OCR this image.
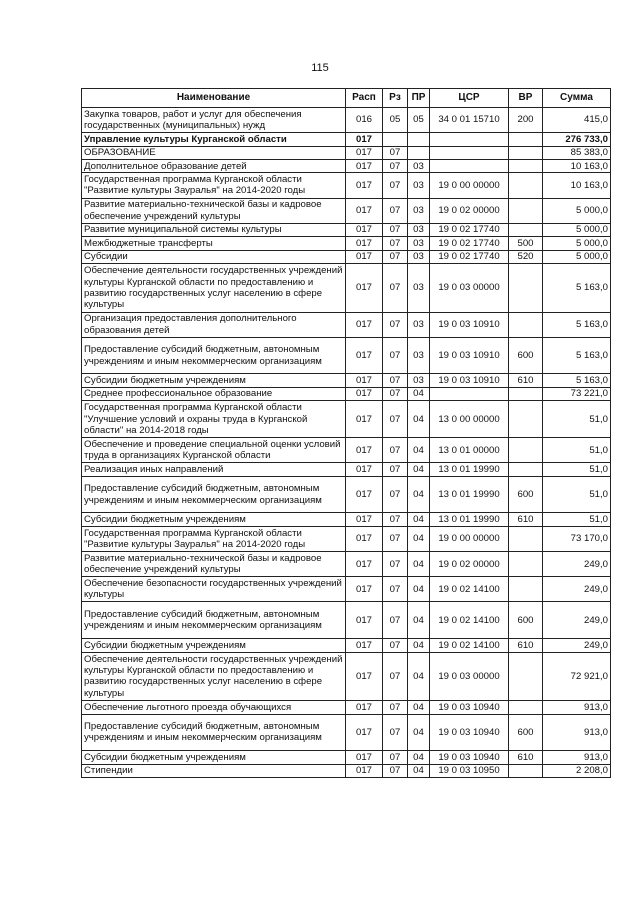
115
Наименование	Расп	Рз	ПР	ЦСР	ВР	Сумма
Закупка товаров, работ и услуг для обеспечения государственных (муниципальных) нужд	016	05	05	34 0 01 15710	200	415,0
Управление культуры Курганской области	017					276 733,0
ОБРАЗОВАНИЕ	017	07				85 383,0
Дополнительное образование детей	017	07	03			10 163,0
Государственная программа Курганской области "Развитие культуры Зауралья" на 2014-2020 годы	017	07	03	19 0 00 00000		10 163,0
Развитие материально-технической базы и кадровое обеспечение учреждений культуры	017	07	03	19 0 02 00000		5 000,0
Развитие муниципальной системы культуры	017	07	03	19 0 02 17740		5 000,0
Межбюджетные трансферты	017	07	03	19 0 02 17740	500	5 000,0
Субсидии	017	07	03	19 0 02 17740	520	5 000,0
Обеспечение деятельности государственных учреждений культуры Курганской области по предоставлению и развитию государственных услуг населению в сфере культуры	017	07	03	19 0 03 00000		5 163,0
Организация предоставления дополнительного образования детей	017	07	03	19 0 03 10910		5 163,0
Предоставление субсидий бюджетным, автономным учреждениям и иным некоммерческим организациям	017	07	03	19 0 03 10910	600	5 163,0
Субсидии бюджетным учреждениям	017	07	03	19 0 03 10910	610	5 163,0
Среднее профессиональное образование	017	07	04			73 221,0
Государственная программа Курганской области "Улучшение условий и охраны труда в Курганской области" на 2014-2018 годы	017	07	04	13 0 00 00000		51,0
Обеспечение и проведение специальной оценки условий труда в организациях Курганской области	017	07	04	13 0 01 00000		51,0
Реализация иных направлений	017	07	04	13 0 01 19990		51,0
Предоставление субсидий бюджетным, автономным учреждениям и иным некоммерческим организациям	017	07	04	13 0 01 19990	600	51,0
Субсидии бюджетным учреждениям	017	07	04	13 0 01 19990	610	51,0
Государственная программа Курганской области "Развитие культуры Зауралья" на 2014-2020 годы	017	07	04	19 0 00 00000		73 170,0
Развитие материально-технической базы и кадровое обеспечение учреждений культуры	017	07	04	19 0 02 00000		249,0
Обеспечение безопасности государственных учреждений культуры	017	07	04	19 0 02 14100		249,0
Предоставление субсидий бюджетным, автономным учреждениям и иным некоммерческим организациям	017	07	04	19 0 02 14100	600	249,0
Субсидии бюджетным учреждениям	017	07	04	19 0 02 14100	610	249,0
Обеспечение деятельности государственных учреждений культуры Курганской области по предоставлению и развитию государственных услуг населению в сфере культуры	017	07	04	19 0 03 00000		72 921,0
Обеспечение льготного проезда обучающихся	017	07	04	19 0 03 10940		913,0
Предоставление субсидий бюджетным, автономным учреждениям и иным некоммерческим организациям	017	07	04	19 0 03 10940	600	913,0
Субсидии бюджетным учреждениям	017	07	04	19 0 03 10940	610	913,0
Стипендии	017	07	04	19 0 03 10950		2 208,0
